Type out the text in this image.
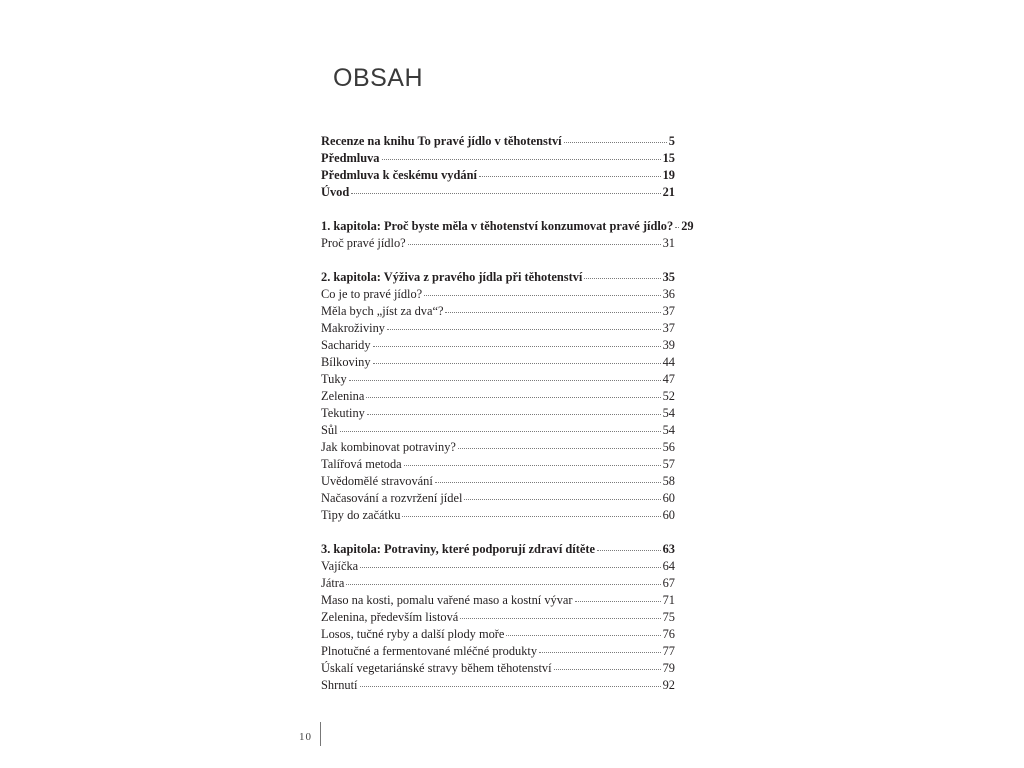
OBSAH
Recenze na knihu To pravé jídlo v těhotenství	5
Předmluva	15
Předmluva k českému vydání	19
Úvod	21
1. kapitola: Proč byste měla v těhotenství konzumovat pravé jídlo? 29
Proč pravé jídlo?	31
2. kapitola: Výživa z pravého jídla při těhotenství	35
Co je to pravé jídlo?	36
Měla bych „jíst za dva“?	37
Makroživiny	37
Sacharidy	39
Bílkoviny	44
Tuky	47
Zelenina	52
Tekutiny	54
Sůl	54
Jak kombinovat potraviny?	56
Talířová metoda	57
Uvědomělé stravování	58
Načasování a rozvržení jídel	60
Tipy do začátku	60
3. kapitola: Potraviny, které podporují zdraví dítěte	63
Vajíčka	64
Játra	67
Maso na kosti, pomalu vařené maso a kostní vývar	71
Zelenina, především listová	75
Losos, tučné ryby a další plody moře	76
Plnotučné a fermentované mléčné produkty	77
Úskalí vegetariánské stravy během těhotenství	79
Shrnutí	92
10
